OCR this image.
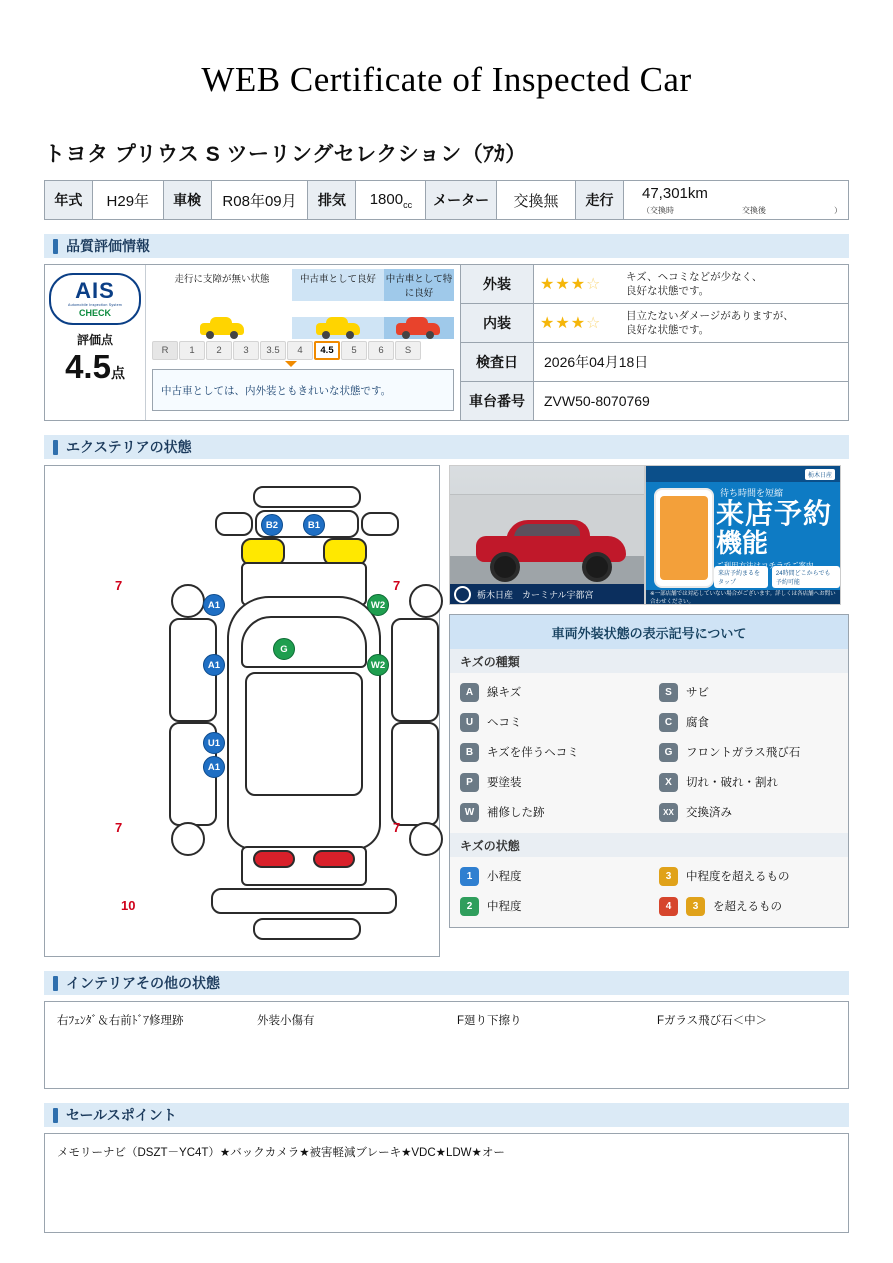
WEB Certificate of Inspected Car
トヨタ プリウス S ツーリングセレクション（ｱｶ）
年式	H29年	車検	R08年09月	排気	$1800_{cc}$	メーター	交換無	走行	47,301km
（交換時	交換後	）
品質評価情報
AIS
Automobile Inspection System
CHECK
評価点
4.5点
走行に支障が無い状態	中古車として良好	中古車として特に良好
R	1	2	3	3.5	4	4.5	5	6	S
中古車としては、内外装ともきれいな状態です。
外装	★★ ★ ☆ キズ、ヘコミなどが少なく、
良好な状態です。
内装	★★ ★ ☆ 目立たないダメージがありますが、
良好な状態です。
検査日	2026年04月18日
車台番号	ZVW50-8070769
エクステリアの状態
B2	B1
A1	W2
G
A1	W2
U1
A1
7	7
7	7
10
栃木日産　カーミナル宇都宮
栃木日産
待ち時間を短縮
来店予約
機能
来店予約まるをタップ
24時間どこからでも予約可能
※一部店舗では対応していない場合がございます。詳しくは各店舗へお問い合わせください。
車両外装状態の表示記号について
キズの種類
A	線キズ	S	サビ
U	ヘコミ	C	腐食
B	キズを伴うヘコミ	G	フロントガラス飛び石
P	要塗装	X	切れ・破れ・割れ
W	補修した跡	XX	交換済み
キズの状態
1	小程度	3	中程度を超えるもの
2	中程度	4	3	を超えるもの
インテリアその他の状態
右ﾌｪﾝﾀﾞ＆右前ﾄﾞｱ修理跡	外装小傷有	F廻り下擦り	Fガラス飛び石＜中＞
セールスポイント
メモリーナビ（DSZT－YC4T）★バックカメラ★被害軽減ブレーキ★VDC★LDW★オー
